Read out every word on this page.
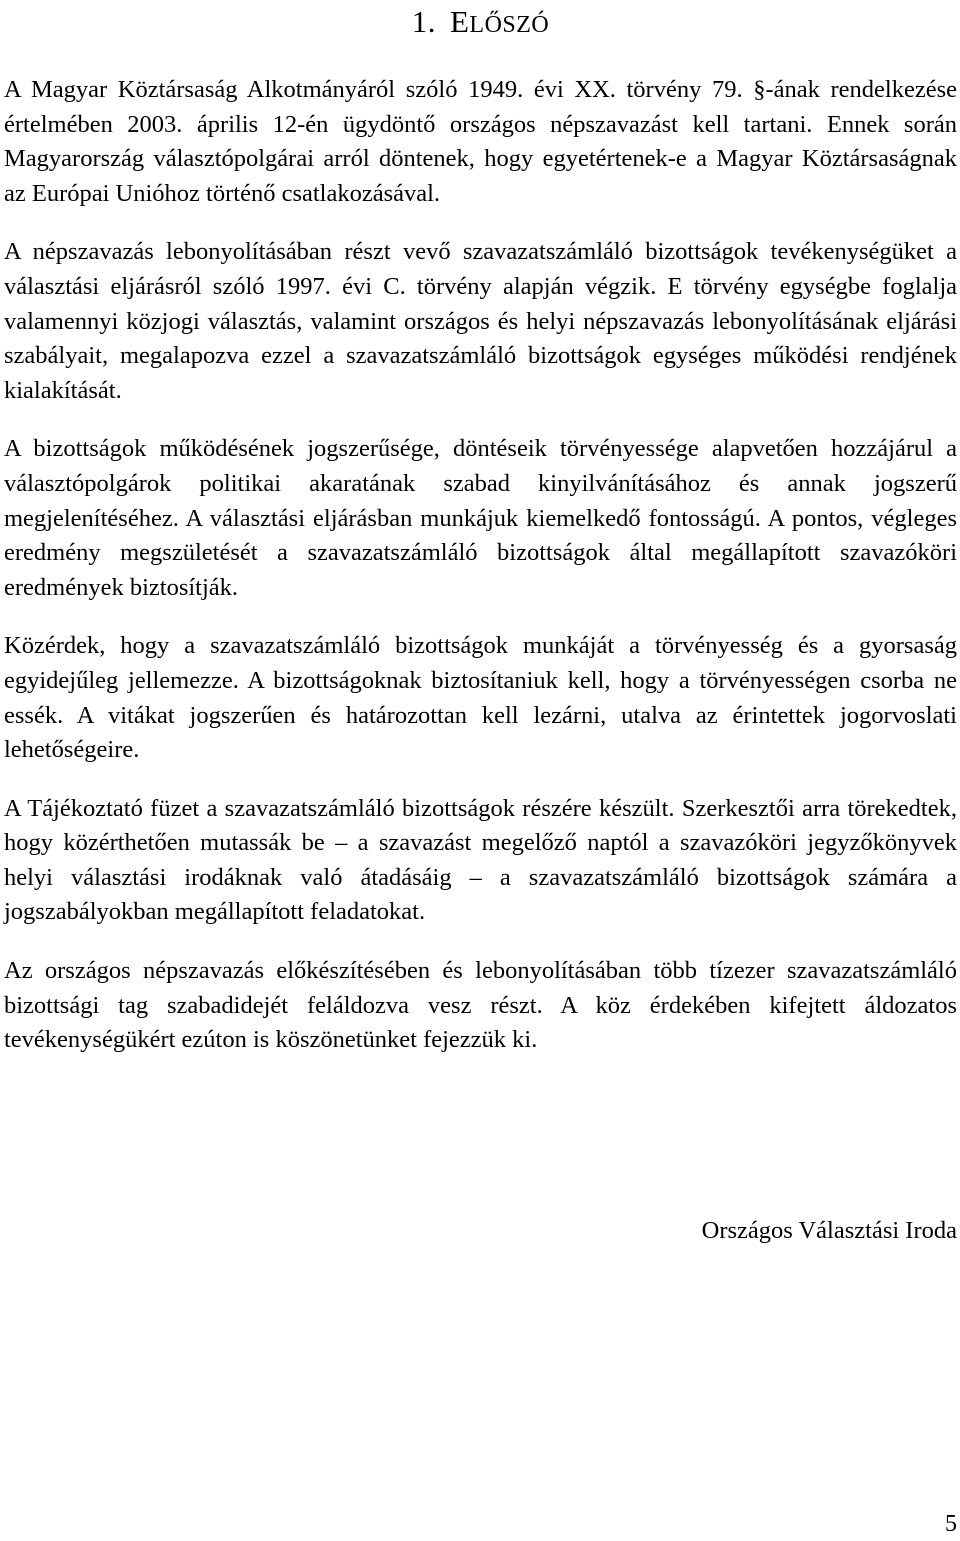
1. ELŐSZÓ

A Magyar Köztársaság Alkotmányáról szóló 1949. évi XX. törvény 79. §-ának rendelkezése értelmében 2003. április 12-én ügydöntő országos népszavazást kell tartani. Ennek során Magyarország választópolgárai arról döntenek, hogy egyetértenek-e a Magyar Köztársaságnak az Európai Unióhoz történő csatlakozásával.

A népszavazás lebonyolításában részt vevő szavazatszámláló bizottságok tevékenységüket a választási eljárásról szóló 1997. évi C. törvény alapján végzik. E törvény egységbe foglalja valamennyi közjogi választás, valamint országos és helyi népszavazás lebonyolításának eljárási szabályait, megalapozva ezzel a szavazatszámláló bizottságok egységes működési rendjének kialakítását.

A bizottságok működésének jogszerűsége, döntéseik törvényessége alapvetően hozzájárul a választópolgárok politikai akaratának szabad kinyilvánításához és annak jogszerű megjelenítéséhez. A választási eljárásban munkájuk kiemelkedő fontosságú. A pontos, végleges eredmény megszületését a szavazatszámláló bizottságok által megállapított szavazóköri eredmények biztosítják.

Közérdek, hogy a szavazatszámláló bizottságok munkáját a törvényesség és a gyorsaság egyidejűleg jellemezze. A bizottságoknak biztosítaniuk kell, hogy a törvényességen csorba ne essék. A vitákat jogszerűen és határozottan kell lezárni, utalva az érintettek jogorvoslati lehetőségeire.

A Tájékoztató füzet a szavazatszámláló bizottságok részére készült. Szerkesztői arra törekedtek, hogy közérthetően mutassák be – a szavazást megelőző naptól a szavazóköri jegyzőkönyvek helyi választási irodáknak való átadásáig – a szavazatszámláló bizottságok számára a jogszabályokban megállapított feladatokat.

Az országos népszavazás előkészítésében és lebonyolításában több tízezer szavazatszámláló bizottsági tag szabadidejét feláldozva vesz részt. A köz érdekében kifejtett áldozatos tevékenységükért ezúton is köszönetünket fejezzük ki.

Országos Választási Iroda
5
